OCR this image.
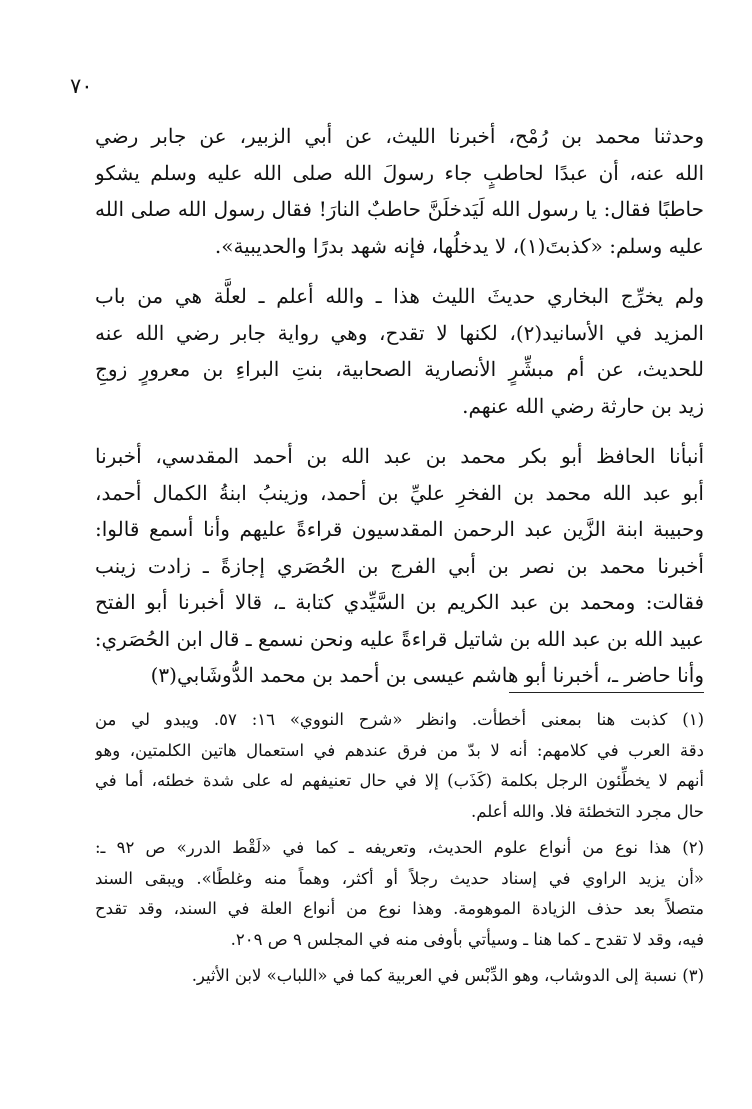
٧٠
وحدثنا محمد بن رُمْح، أخبرنا الليث، عن أبي الزبير، عن جابر رضي
الله عنه، أن عبدًا لحاطبٍ جاء رسولَ الله صلى الله عليه وسلم يشكو
حاطبًا فقال: يا رسول الله لَيَدخلَنَّ حاطبٌ النارَ! فقال رسول الله صلى الله
عليه وسلم: «كذبتَ(١)، لا يدخلُها، فإنه شهد بدرًا والحديبية».
ولم يخرِّج البخاري حديثَ الليث هذا ـ والله أعلم ـ لعلَّة هي من باب
المزيد في الأسانيد(٢)، لكنها لا تقدح، وهي رواية جابر رضي الله عنه
للحديث، عن أم مبشِّرٍ الأنصارية الصحابية، بنتِ البراءِ بن معرورٍ زوجِ
زيد بن حارثة رضي الله عنهم.
أنبأنا الحافظ أبو بكر محمد بن عبد الله بن أحمد المقدسي، أخبرنا
أبو عبد الله محمد بن الفخرِ عليِّ بن أحمد، وزينبُ ابنةُ الكمال أحمد،
وحبيبة ابنة الزَّين عبد الرحمن المقدسيون قراءةً عليهم وأنا أسمع قالوا:
أخبرنا محمد بن نصر بن أبي الفرج بن الحُصَري إجازةً ـ زادت زينب
فقالت: ومحمد بن عبد الكريم بن السَّيِّدي كتابة ـ، قالا أخبرنا أبو الفتح
عبيد الله بن عبد الله بن شاتيل قراءةً عليه ونحن نسمع ـ قال ابن الحُصَري:
وأنا حاضر ـ، أخبرنا أبو هاشم عيسى بن أحمد بن محمد الدُّوشَابي(٣)
(١) كذبت هنا بمعنى أخطأت. وانظر «شرح النووي» ١٦: ٥٧. ويبدو لي من
دقة العرب في كلامهم: أنه لا بدّ من فرق عندهم في استعمال هاتين الكلمتين، وهو
أنهم لا يخطِّئون الرجل بكلمة (كَذَب) إلا في حال تعنيفهم له على شدة خطئه، أما في
حال مجرد التخطئة فلا. والله أعلم.
(٢) هذا نوع من أنواع علوم الحديث، وتعريفه ـ كما في «لَقْط الدرر» ص ٩٢ ـ:
«أن يزيد الراوي في إسناد حديث رجلاً أو أكثر، وهماً منه وغلطًا». ويبقى السند
متصلاً بعد حذف الزيادة الموهومة. وهذا نوع من أنواع العلة في السند، وقد تقدح
فيه، وقد لا تقدح ـ كما هنا ـ وسيأتي بأوفى منه في المجلس ٩ ص ٢٠٩.
(٣) نسبة إلى الدوشاب، وهو الدِّبْس في العربية كما في «اللباب» لابن الأثير.
